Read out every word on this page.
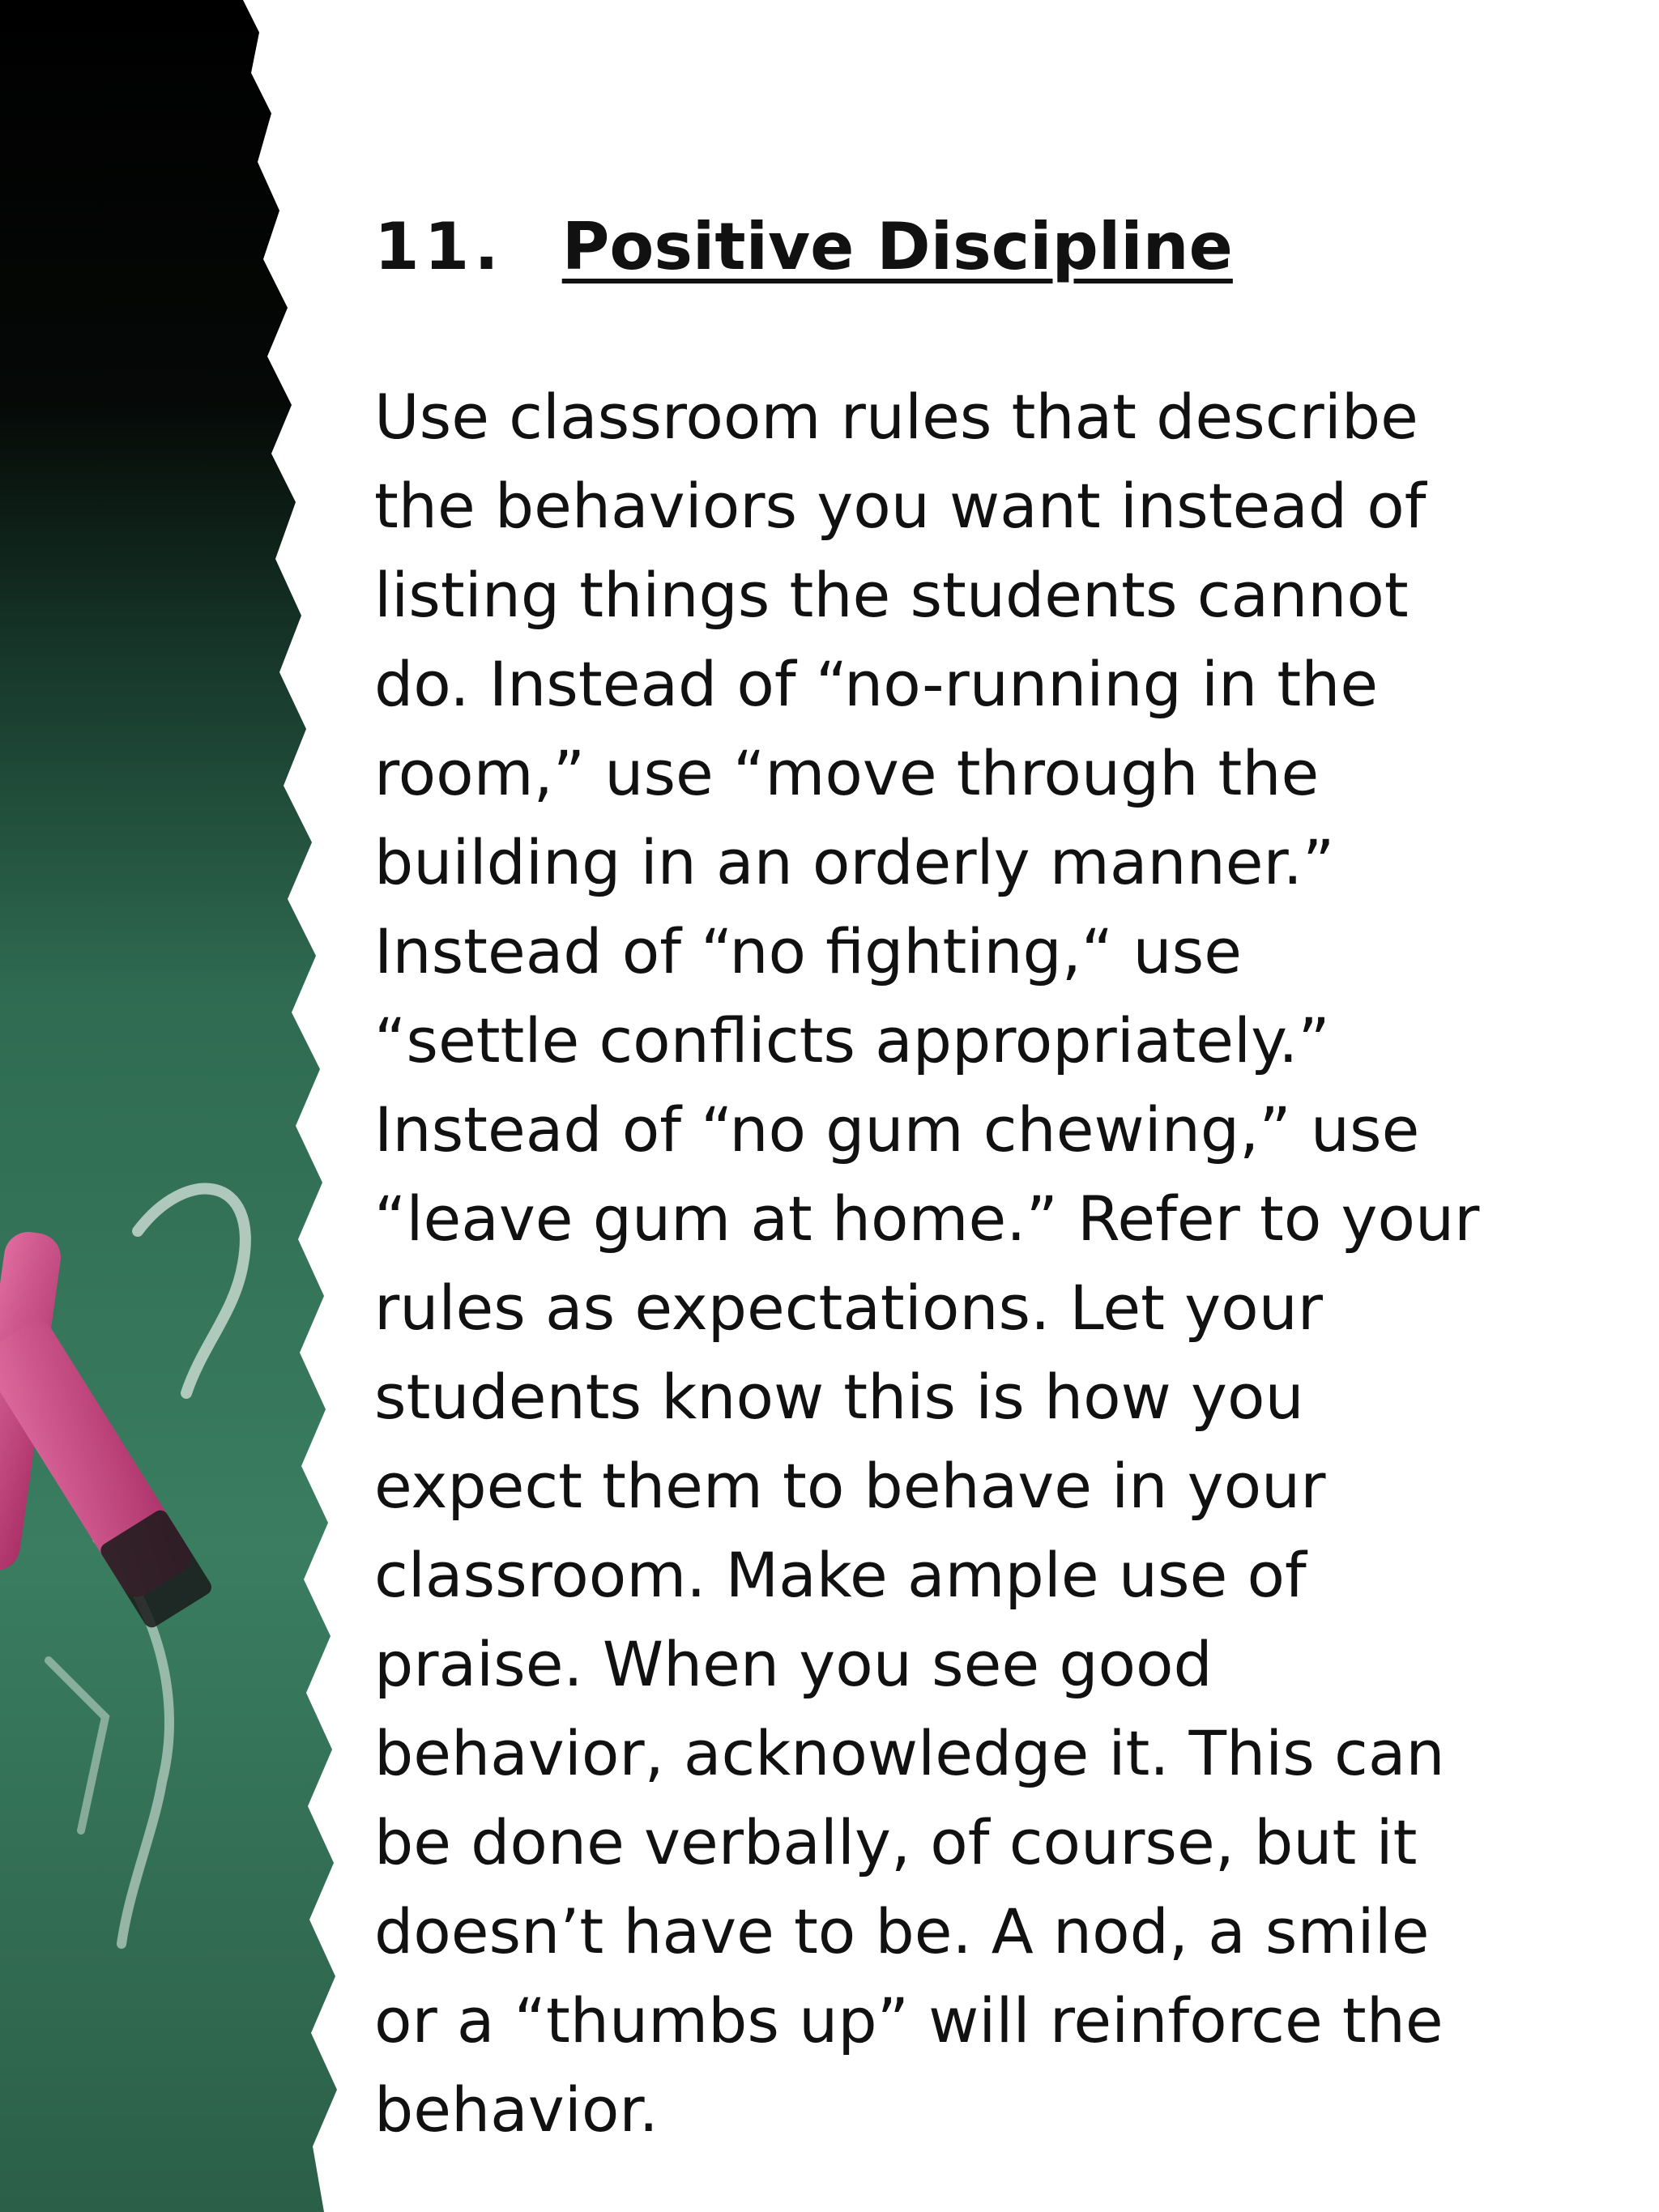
11. Positive Discipline

Use classroom rules that describe

the behaviors you want instead of

listing things the students cannot

do. Instead of “no-running in the

room,” use “move through the

building in an orderly manner.”

Instead of “no fighting,“ use

“settle conflicts appropriately.”

Instead of “no gum chewing,” use

“leave gum at home.” Refer to your

rules as expectations. Let your

students know this is how you

expect them to behave in your

classroom. Make ample use of

praise. When you see good

behavior, acknowledge it. This can

be done verbally, of course, but it

doesn’t have to be. A nod, a smile

or a “thumbs up” will reinforce the

behavior.
